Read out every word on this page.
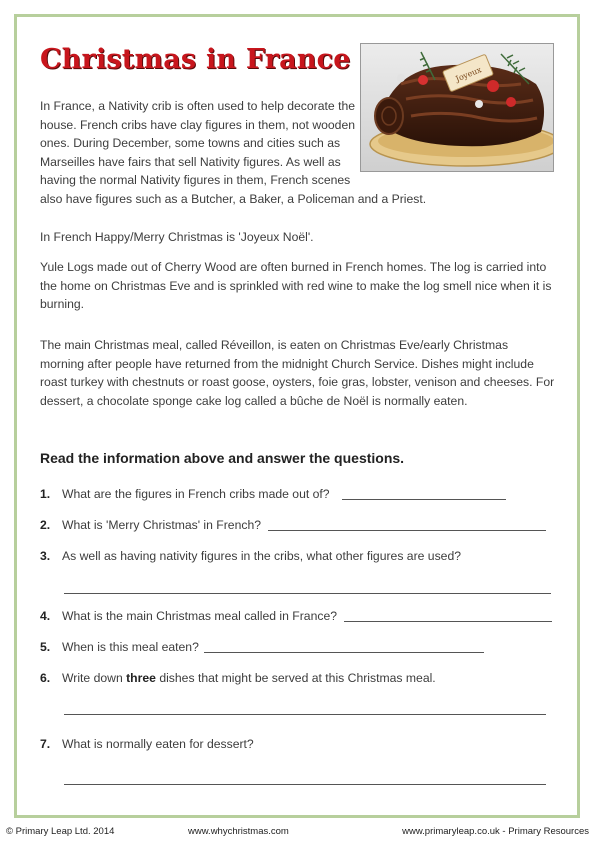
Christmas in France	Joyeux

In France, a Nativity crib is often used to help decorate the house. French cribs have clay figures in them, not wooden ones. During December, some towns and cities such as Marseilles have fairs that sell Nativity figures. As well as having the normal Nativity figures in them, French scenes also have figures such as a Butcher, a Baker, a Policeman and a Priest.

In French Happy/Merry Christmas is 'Joyeux Noël'.

Yule Logs made out of Cherry Wood are often burned in French homes. The log is carried into the home on Christmas Eve and is sprinkled with red wine to make the log smell nice when it is burning.

The main Christmas meal, called Réveillon, is eaten on Christmas Eve/early Christmas morning after people have returned from the midnight Church Service. Dishes might include roast turkey with chestnuts or roast goose, oysters, foie gras, lobster, venison and cheeses. For dessert, a chocolate sponge cake log called a bûche de Noël is normally eaten.

Read the information above and answer the questions.
1. What are the figures in French cribs made out of?
2. What is 'Merry Christmas' in French?
3. As well as having nativity figures in the cribs, what other figures are used?
4. What is the main Christmas meal called in France?
5. When is this meal eaten?
6. Write down three dishes that might be served at this Christmas meal.
7. What is normally eaten for dessert?
© Primary Leap Ltd. 2014	www.whychristmas.com	www.primaryleap.co.uk - Primary Resources
